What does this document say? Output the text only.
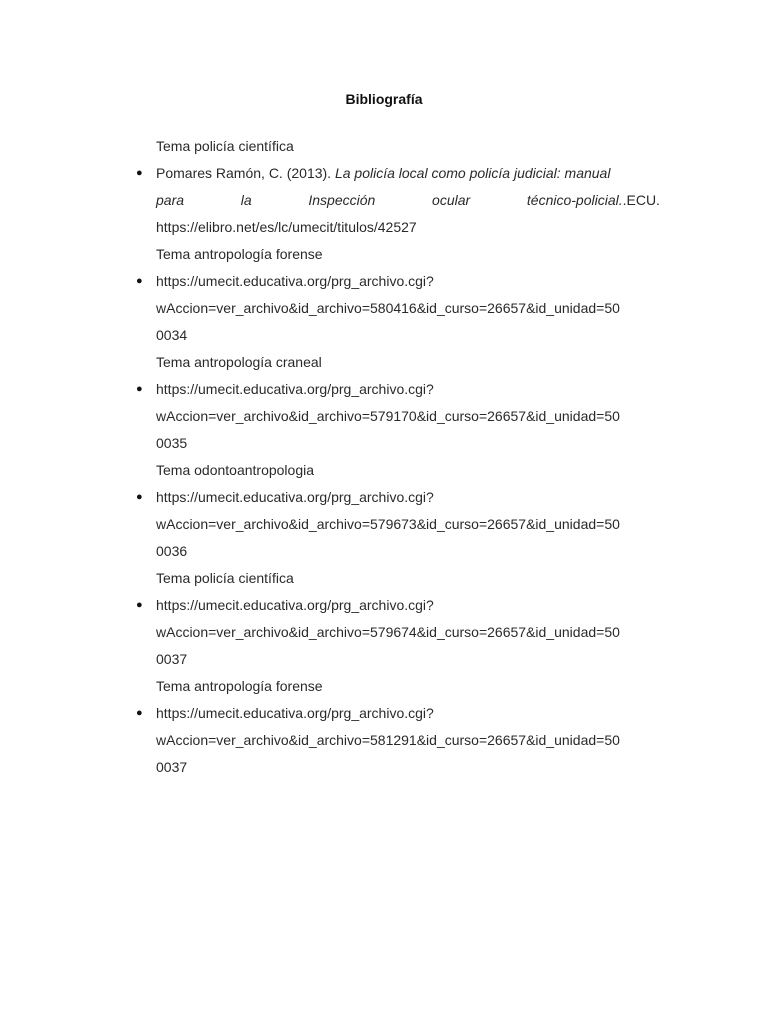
Bibliografía
Tema policía científica
● Pomares Ramón, C. (2013). La policía local como policía judicial: manual
para	la	Inspección	ocular	técnico-policial..ECU.
https://elibro.net/es/lc/umecit/titulos/42527
Tema antropología forense
● https://umecit.educativa.org/prg_archivo.cgi?
wAccion=ver_archivo&id_archivo=580416&id_curso=26657&id_unidad=50
0034
Tema antropología craneal
● https://umecit.educativa.org/prg_archivo.cgi?
wAccion=ver_archivo&id_archivo=579170&id_curso=26657&id_unidad=50
0035
Tema odontoantropologia
● https://umecit.educativa.org/prg_archivo.cgi?
wAccion=ver_archivo&id_archivo=579673&id_curso=26657&id_unidad=50
0036
Tema policía científica
● https://umecit.educativa.org/prg_archivo.cgi?
wAccion=ver_archivo&id_archivo=579674&id_curso=26657&id_unidad=50
0037
Tema antropología forense
● https://umecit.educativa.org/prg_archivo.cgi?
wAccion=ver_archivo&id_archivo=581291&id_curso=26657&id_unidad=50
0037
